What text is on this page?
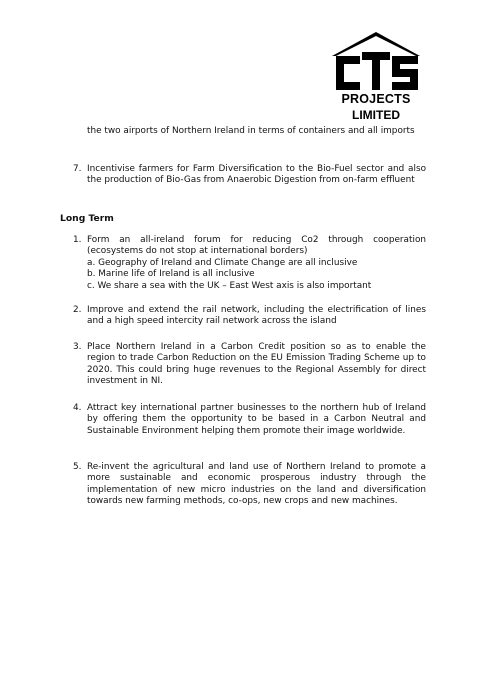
PROJECTS
LIMITED
the two airports of Northern Ireland in terms of containers and all imports
7. Incentivise farmers for Farm Diversification to the Bio-Fuel sector and also the production of Bio-Gas from Anaerobic Digestion from on-farm effluent
Long Term
1. Form an all-ireland forum for reducing Co2 through cooperation (ecosystems do not stop at international borders)
a. Geography of Ireland and Climate Change are all inclusive
b. Marine life of Ireland is all inclusive
c. We share a sea with the UK – East West axis is also important
2. Improve and extend the rail network, including the electrification of lines and a high speed intercity rail network across the island
3. Place Northern Ireland in a Carbon Credit position so as to enable the region to trade Carbon Reduction on the EU Emission Trading Scheme up to 2020. This could bring huge revenues to the Regional Assembly for direct investment in NI.
4. Attract key international partner businesses to the northern hub of Ireland by offering them the opportunity to be based in a Carbon Neutral and Sustainable Environment helping them promote their image worldwide.
5. Re-invent the agricultural and land use of Northern Ireland to promote a more sustainable and economic prosperous industry through the implementation of new micro industries on the land and diversification towards new farming methods, co-ops, new crops and new machines.
